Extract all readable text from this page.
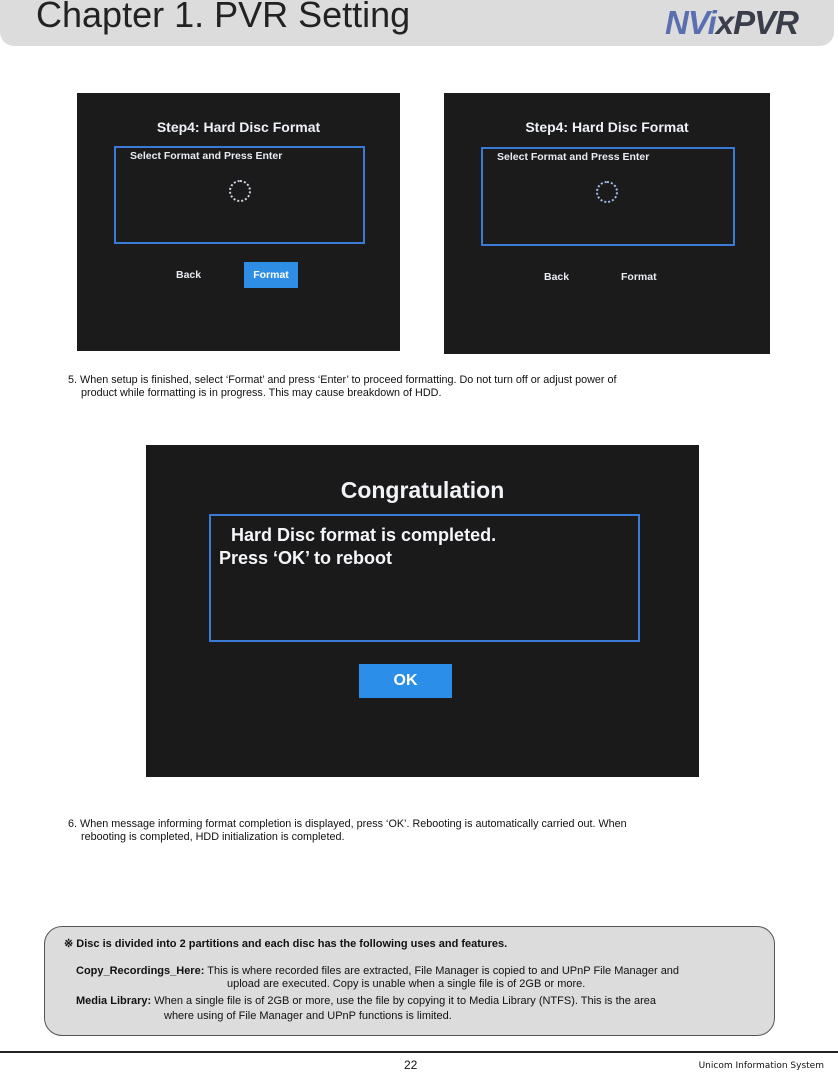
Chapter 1. PVR Setting	NVixPVR
Step4: Hard Disc Format
Select Format and Press Enter
Back	Format
Step4: Hard Disc Format
Select Format and Press Enter
Back	Format
5. When setup is finished, select ‘Format’ and press ‘Enter’ to proceed formatting. Do not turn off or adjust power of
product while formatting is in progress. This may cause breakdown of HDD.
Congratulation
Hard Disc format is completed.
Press ‘OK’ to reboot
OK
6. When message informing format completion is displayed, press ‘OK’. Rebooting is automatically carried out. When
rebooting is completed, HDD initialization is completed.
※ Disc is divided into 2 partitions and each disc has the following uses and features.
Copy_Recordings_Here: This is where recorded files are extracted, File Manager is copied to and UPnP File Manager and
upload are executed. Copy is unable when a single file is of 2GB or more.
Media Library: When a single file is of 2GB or more, use the file by copying it to Media Library (NTFS). This is the area
where using of File Manager and UPnP functions is limited.
22	Unicom Information System
